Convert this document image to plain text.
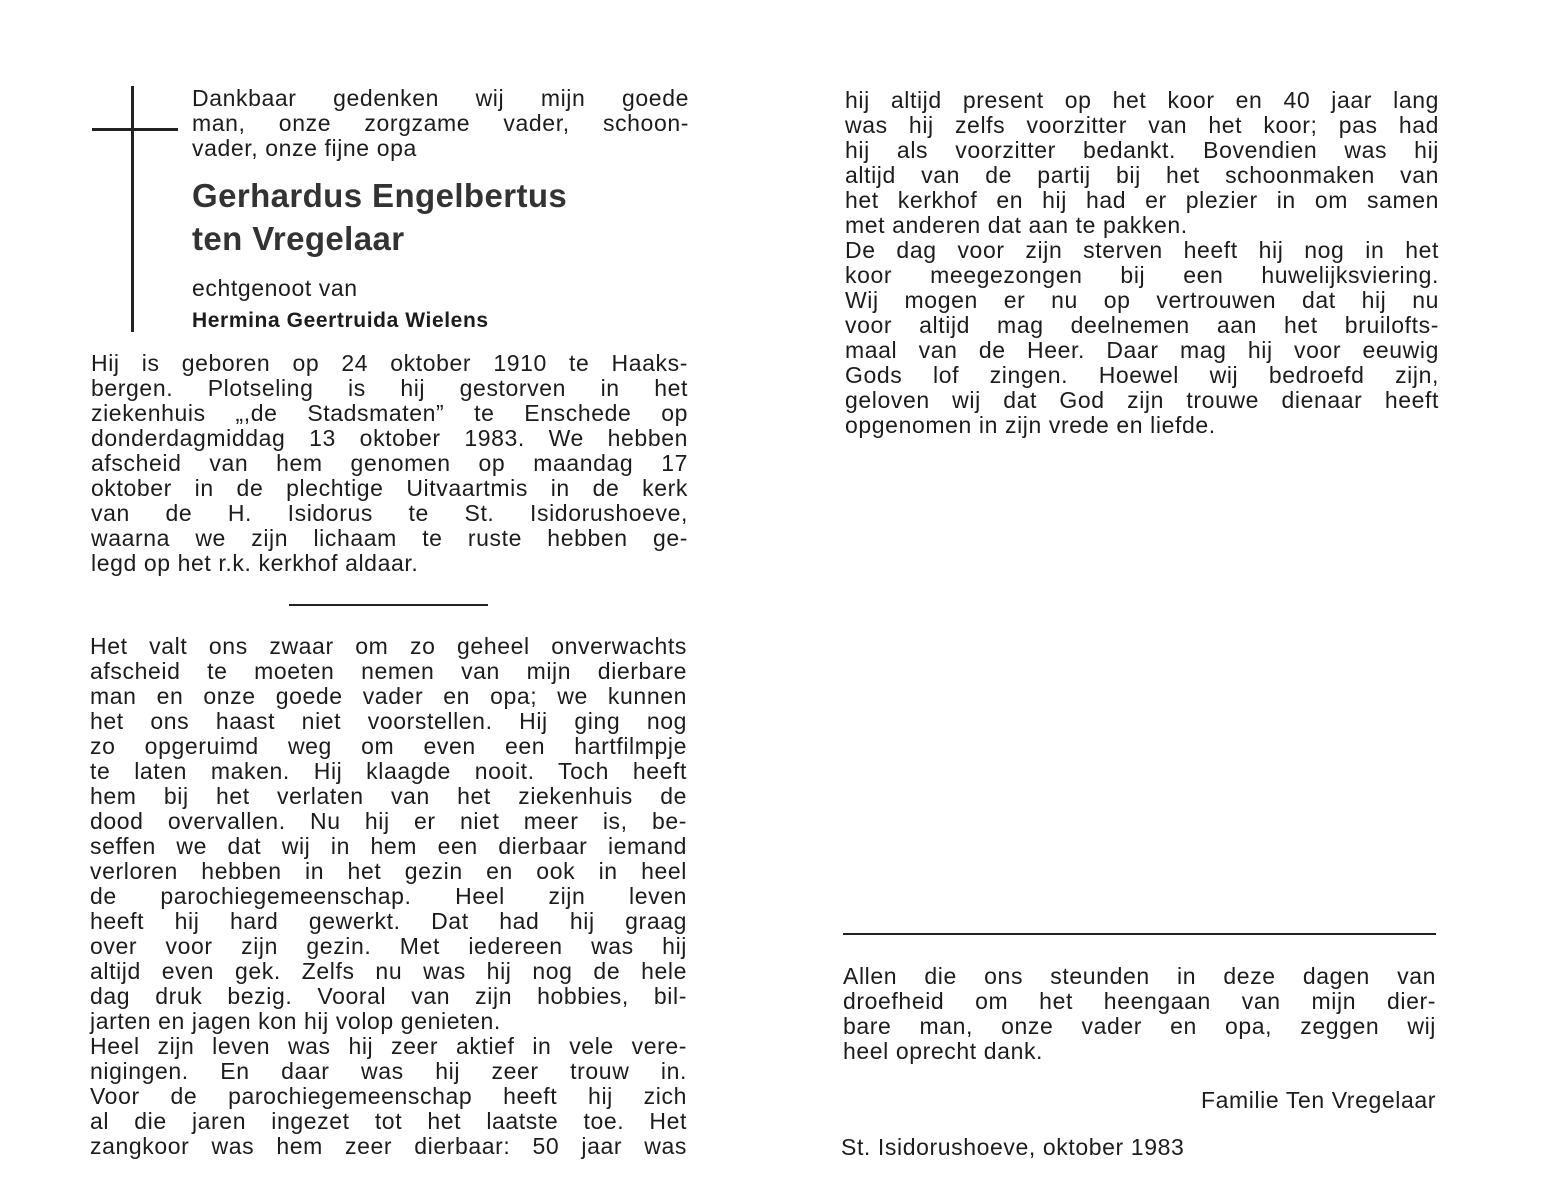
Dankbaar gedenken wij mijn goede
man, onze zorgzame vader, schoon-
vader, onze fijne opa
Gerhardus Engelbertus
ten Vregelaar
echtgenoot van
Hermina Geertruida Wielens
Hij is geboren op 24 oktober 1910 te Haaks-
bergen. Plotseling is hij gestorven in het
ziekenhuis „,de Stadsmaten” te Enschede op
donderdagmiddag 13 oktober 1983. We hebben
afscheid van hem genomen op maandag 17
oktober in de plechtige Uitvaartmis in de kerk
van de H. Isidorus te St. Isidorushoeve,
waarna we zijn lichaam te ruste hebben ge-
legd op het r.k. kerkhof aldaar.
Het valt ons zwaar om zo geheel onverwachts
afscheid te moeten nemen van mijn dierbare
man en onze goede vader en opa; we kunnen
het ons haast niet voorstellen. Hij ging nog
zo opgeruimd weg om even een hartfilmpje
te laten maken. Hij klaagde nooit. Toch heeft
hem bij het verlaten van het ziekenhuis de
dood overvallen. Nu hij er niet meer is, be-
seffen we dat wij in hem een dierbaar iemand
verloren hebben in het gezin en ook in heel
de parochiegemeenschap. Heel zijn leven
heeft hij hard gewerkt. Dat had hij graag
over voor zijn gezin. Met iedereen was hij
altijd even gek. Zelfs nu was hij nog de hele
dag druk bezig. Vooral van zijn hobbies, bil-
jarten en jagen kon hij volop genieten.
Heel zijn leven was hij zeer aktief in vele vere-
nigingen. En daar was hij zeer trouw in.
Voor de parochiegemeenschap heeft hij zich
al die jaren ingezet tot het laatste toe. Het
zangkoor was hem zeer dierbaar: 50 jaar was
hij altijd present op het koor en 40 jaar lang
was hij zelfs voorzitter van het koor; pas had
hij als voorzitter bedankt. Bovendien was hij
altijd van de partij bij het schoonmaken van
het kerkhof en hij had er plezier in om samen
met anderen dat aan te pakken.
De dag voor zijn sterven heeft hij nog in het
koor meegezongen bij een huwelijksviering.
Wij mogen er nu op vertrouwen dat hij nu
voor altijd mag deelnemen aan het bruilofts-
maal van de Heer. Daar mag hij voor eeuwig
Gods lof zingen. Hoewel wij bedroefd zijn,
geloven wij dat God zijn trouwe dienaar heeft
opgenomen in zijn vrede en liefde.
Allen die ons steunden in deze dagen van
droefheid om het heengaan van mijn dier-
bare man, onze vader en opa, zeggen wij
heel oprecht dank.
Familie Ten Vregelaar
St. Isidorushoeve, oktober 1983
